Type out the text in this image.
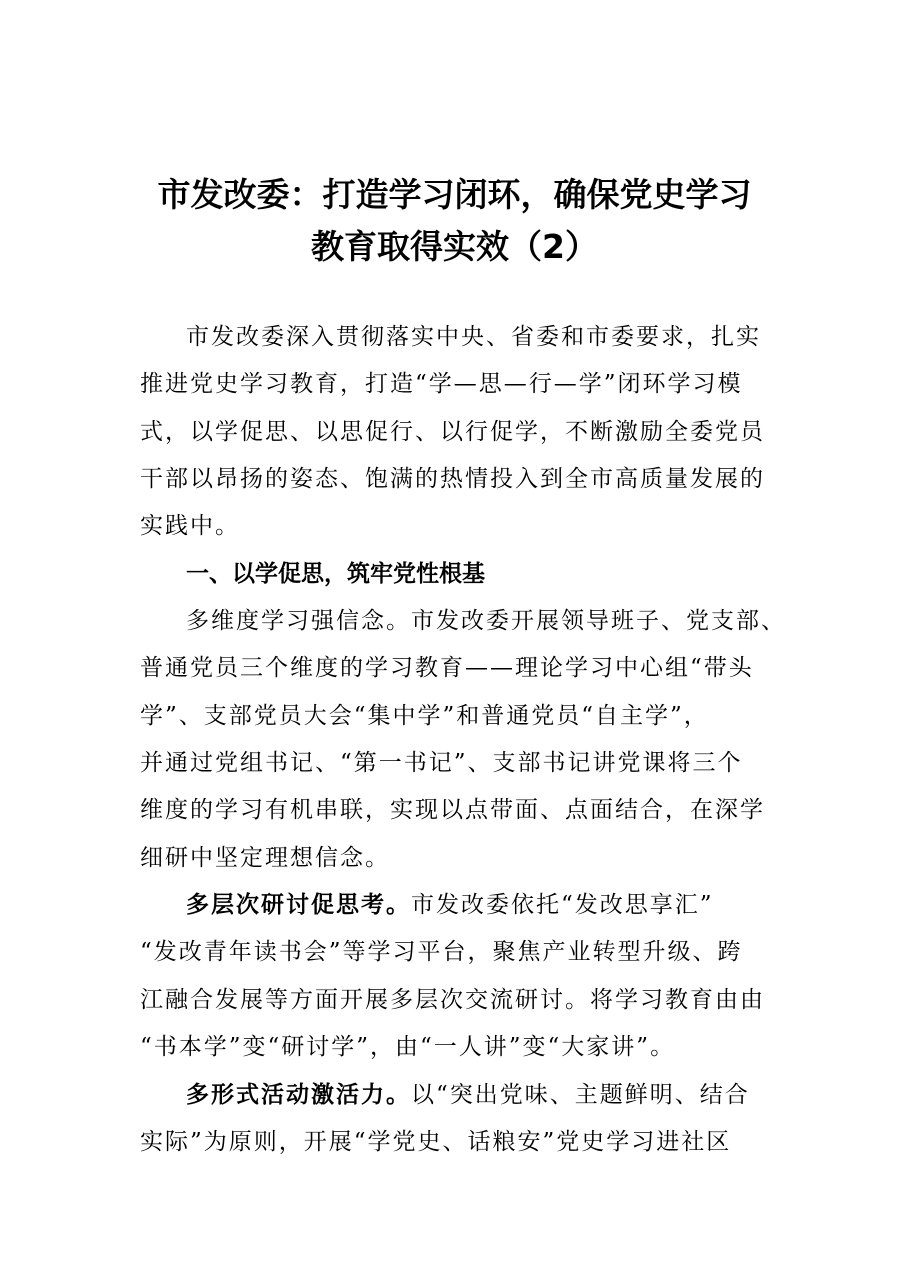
市发改委：打造学习闭环，确保党史学习
教育取得实效（2）
市发改委深入贯彻落实中央、省委和市委要求，扎实
推进党史学习教育，打造“学—思—行—学”闭环学习模
式，以学促思、以思促行、以行促学，不断激励全委党员
干部以昂扬的姿态、饱满的热情投入到全市高质量发展的
实践中。
一、以学促思，筑牢党性根基
多维度学习强信念。市发改委开展领导班子、党支部、
普通党员三个维度的学习教育——理论学习中心组“带头
学”、支部党员大会“集中学”和普通党员“自主学”，
并通过党组书记、“第一书记”、支部书记讲党课将三个
维度的学习有机串联，实现以点带面、点面结合，在深学
细研中坚定理想信念。
多层次研讨促思考。市发改委依托“发改思享汇”
“发改青年读书会”等学习平台，聚焦产业转型升级、跨
江融合发展等方面开展多层次交流研讨。将学习教育由由
“书本学”变“研讨学”，由“一人讲”变“大家讲”。
多形式活动激活力。以“突出党味、主题鲜明、结合
实际”为原则，开展“学党史、话粮安”党史学习进社区
